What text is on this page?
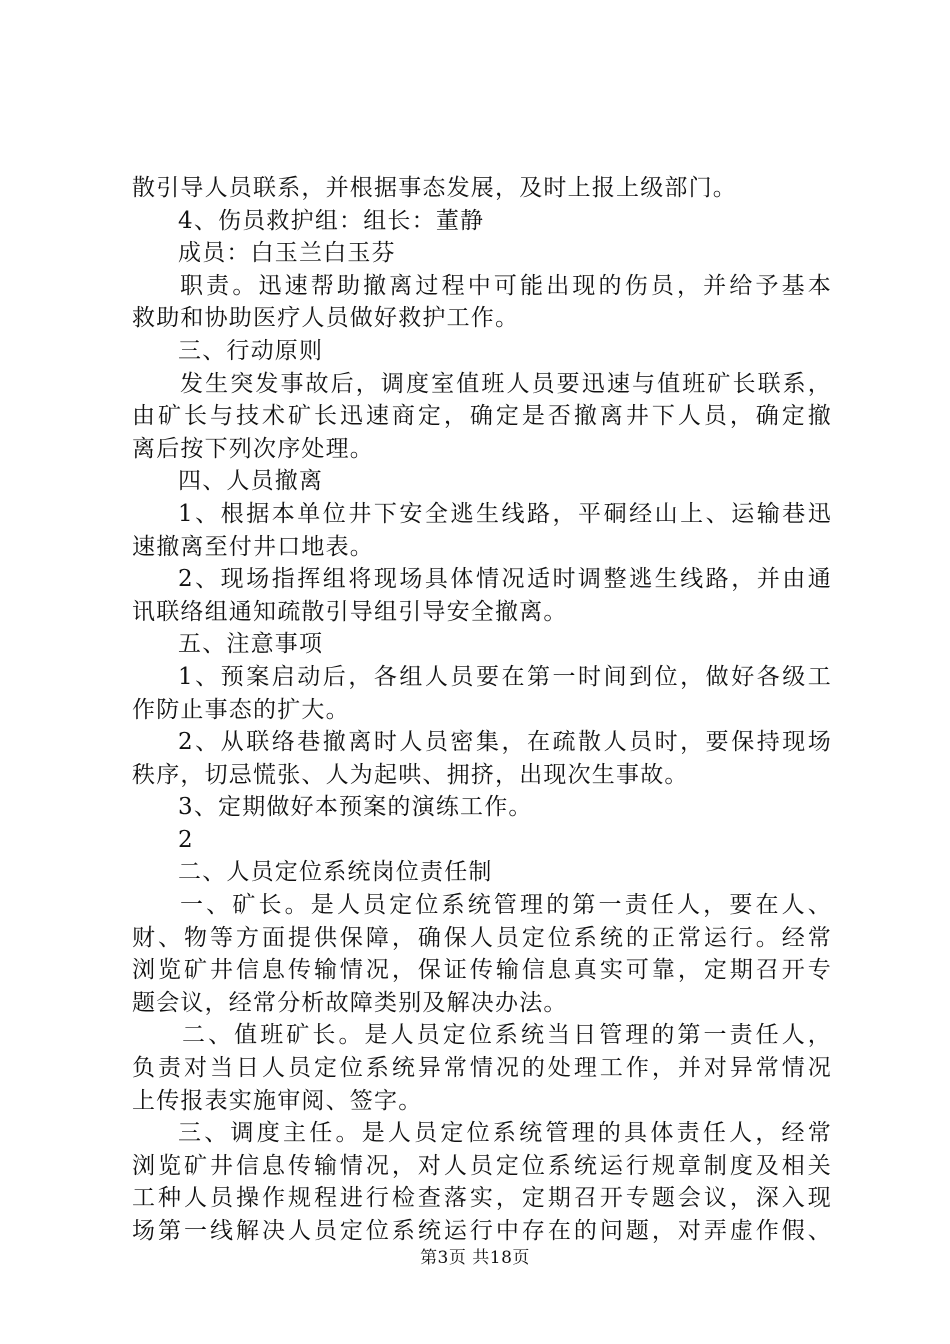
散引导人员联系，并根据事态发展，及时上报上级部门。
4、伤员救护组：组长：董静
成员：白玉兰白玉芬
职责。迅速帮助撤离过程中可能出现的伤员，并给予基本
救助和协助医疗人员做好救护工作。
三、行动原则
发生突发事故后，调度室值班人员要迅速与值班矿长联系，
由矿长与技术矿长迅速商定，确定是否撤离井下人员，确定撤
离后按下列次序处理。
四、人员撤离
1、根据本单位井下安全逃生线路，平硐经山上、运输巷迅
速撤离至付井口地表。
2、现场指挥组将现场具体情况适时调整逃生线路，并由通
讯联络组通知疏散引导组引导安全撤离。
五、注意事项
1、预案启动后，各组人员要在第一时间到位，做好各级工
作防止事态的扩大。
2、从联络巷撤离时人员密集，在疏散人员时，要保持现场
秩序，切忌慌张、人为起哄、拥挤，出现次生事故。
3、定期做好本预案的演练工作。
2
二、人员定位系统岗位责任制
一、矿长。是人员定位系统管理的第一责任人，要在人、
财、物等方面提供保障，确保人员定位系统的正常运行。经常
浏览矿井信息传输情况，保证传输信息真实可靠，定期召开专
题会议，经常分析故障类别及解决办法。
二、值班矿长。是人员定位系统当日管理的第一责任人，
负责对当日人员定位系统异常情况的处理工作，并对异常情况
上传报表实施审阅、签字。
三、调度主任。是人员定位系统管理的具体责任人，经常
浏览矿井信息传输情况，对人员定位系统运行规章制度及相关
工种人员操作规程进行检查落实，定期召开专题会议，深入现
场第一线解决人员定位系统运行中存在的问题，对弄虚作假、
第3页 共18页
